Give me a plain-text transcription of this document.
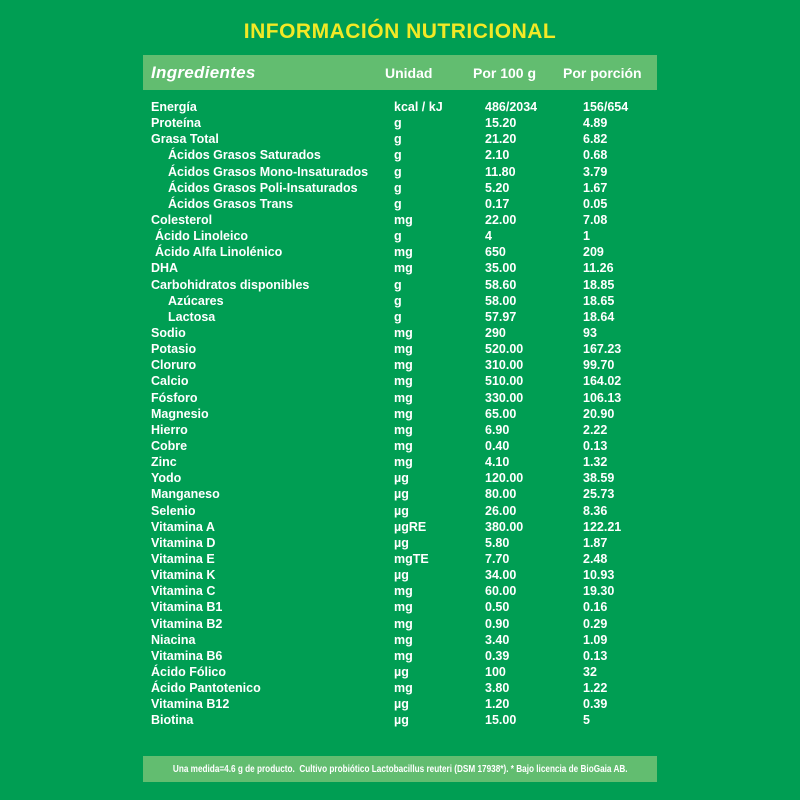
INFORMACIÓN NUTRICIONAL
Ingredientes	Unidad	Por 100 g	Por porción
Energía	kcal / kJ	486/2034	156/654
Proteína	g	15.20	4.89
Grasa Total	g	21.20	6.82
Ácidos Grasos Saturados	g	2.10	0.68
Ácidos Grasos Mono-Insaturados	g	11.80	3.79
Ácidos Grasos Poli-Insaturados	g	5.20	1.67
Ácidos Grasos Trans	g	0.17	0.05
Colesterol	mg	22.00	7.08
Ácido Linoleico	g	4	1
Ácido Alfa Linolénico	mg	650	209
DHA	mg	35.00	11.26
Carbohidratos disponibles	g	58.60	18.85
Azúcares	g	58.00	18.65
Lactosa	g	57.97	18.64
Sodio	mg	290	93
Potasio	mg	520.00	167.23
Cloruro	mg	310.00	99.70
Calcio	mg	510.00	164.02
Fósforo	mg	330.00	106.13
Magnesio	mg	65.00	20.90
Hierro	mg	6.90	2.22
Cobre	mg	0.40	0.13
Zinc	mg	4.10	1.32
Yodo	µg	120.00	38.59
Manganeso	µg	80.00	25.73
Selenio	µg	26.00	8.36
Vitamina A	µgRE	380.00	122.21
Vitamina D	µg	5.80	1.87
Vitamina E	mgTE	7.70	2.48
Vitamina K	µg	34.00	10.93
Vitamina C	mg	60.00	19.30
Vitamina B1	mg	0.50	0.16
Vitamina B2	mg	0.90	0.29
Niacina	mg	3.40	1.09
Vitamina B6	mg	0.39	0.13
Ácido Fólico	µg	100	32
Ácido Pantotenico	mg	3.80	1.22
Vitamina B12	µg	1.20	0.39
Biotina	µg	15.00	5
Una medida=4.6 g de producto.  Cultivo probiótico Lactobacillus reuteri (DSM 17938*). * Bajo licencia de BioGaia AB.
